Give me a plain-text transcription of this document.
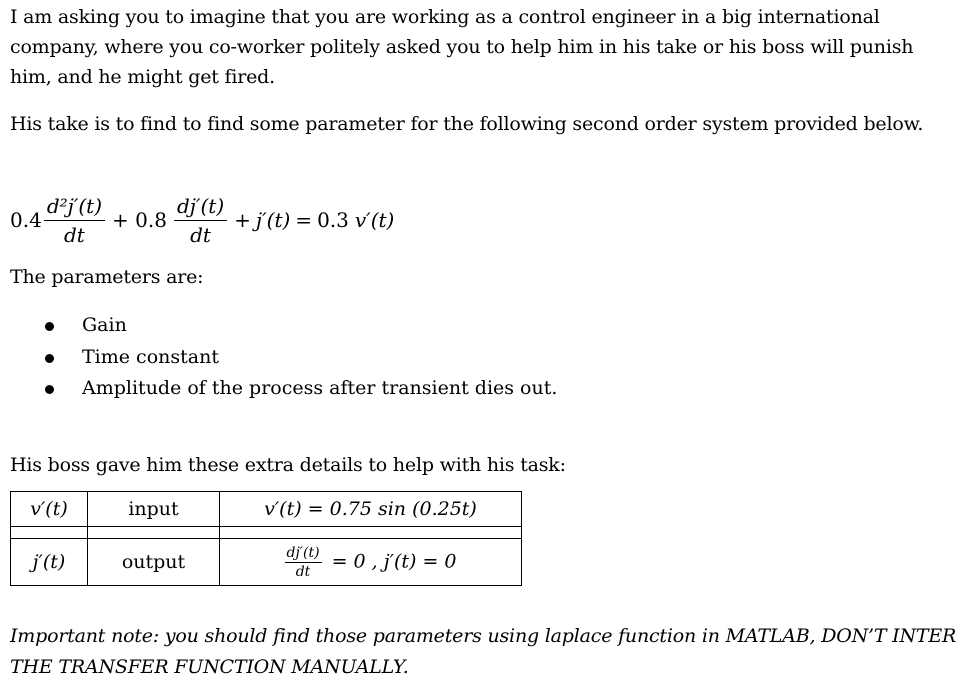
I am asking you to imagine that you are working as a control engineer in a big international company, where you co-worker politely asked you to help him in his take or his boss will punish him, and he might get fired.

His take is to find to find some parameter for the following second order system provided below.

$0.4 \frac{\text{d²j′(t)}}{dt} + 0.8 \frac{dj'(t)}{dt} + j'(t) = 0.3$ v′(t)

The parameters are:

Gain
Time constant
Amplitude of the process after transient dies out.

His boss gave him these extra details to help with his task:

v′(t)	input	v′(t) = 0.75 sin (0.25t)

j′(t)	output	$\frac{dj'(t)}{dt} = 0$ , j′(t) = 0

Important note: you should find those parameters using laplace function in MATLAB, DON’T INTER THE TRANSFER FUNCTION MANUALLY.
